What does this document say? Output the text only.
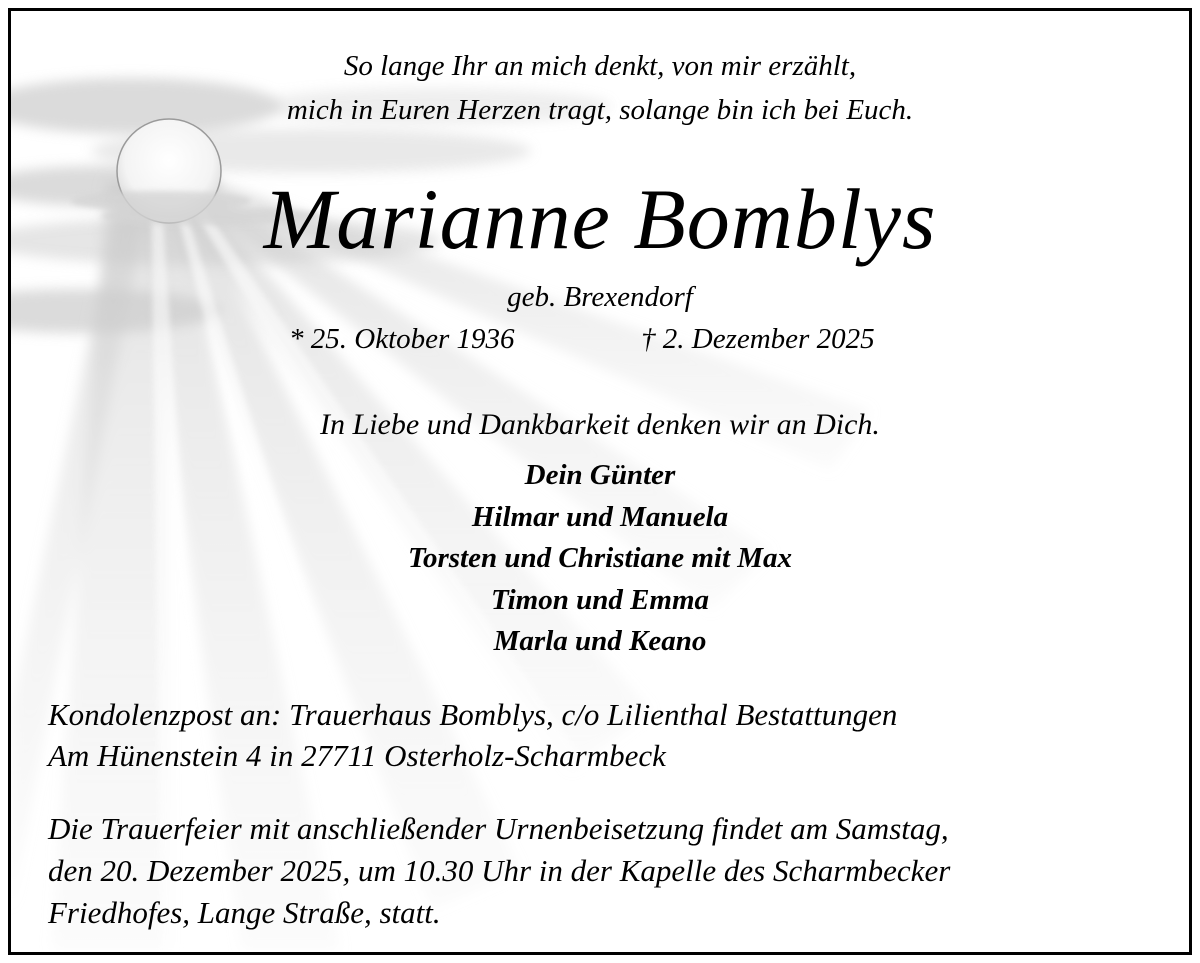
So lange Ihr an mich denkt, von mir erzählt,
mich in Euren Herzen tragt, solange bin ich bei Euch.
Marianne Bomblys
geb. Brexendorf
* 25. Oktober 1936	† 2. Dezember 2025
In Liebe und Dankbarkeit denken wir an Dich.
Dein Günter
Hilmar und Manuela
Torsten und Christiane mit Max
Timon und Emma
Marla und Keano
Kondolenzpost an: Trauerhaus Bomblys, c/o Lilienthal Bestattungen
Am Hünenstein 4 in 27711 Osterholz-Scharmbeck
Die Trauerfeier mit anschließender Urnenbeisetzung findet am Samstag,
den 20. Dezember 2025, um 10.30 Uhr in der Kapelle des Scharmbecker
Friedhofes, Lange Straße, statt.
